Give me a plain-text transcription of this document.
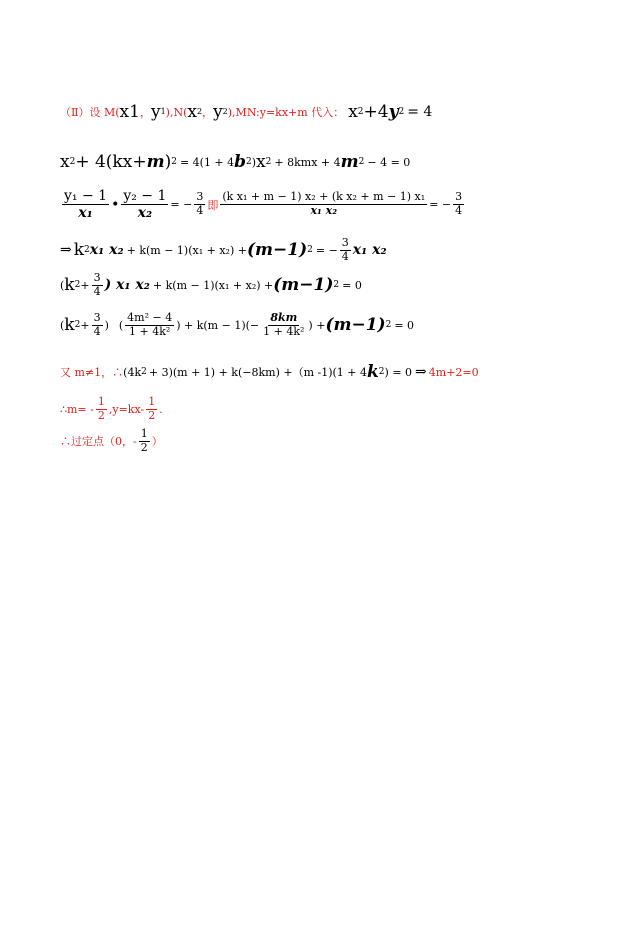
（Ⅱ）设 M( x 1 ， y 1 ),N( x 2 ， y 2 ),MN:y=kx+m 代入： x 2 +4 y 2 = 4
x 2 + 4(kx+ m ) 2 = 4(1 + 4 b 2 ) x 2 + 8kmx + 4 m 2 − 4 = 0
$\frac{\text{y₁ − 1}}{\text{x₁}}$ • $\frac{\text{y₂ − 1}}{\text{x₂}}$ = − $\frac{3}{4}$ 即 $\frac{\text{(k x₁ + m − 1) x₂ + (k x₂ + m − 1) x₁}}{\text{x₁ x₂}}$ = − $\frac{3}{4}$
⇒ k 2 x₁ x₂ + k(m − 1)(x₁ + x₂) + (m−1) 2 = − $\frac{3}{4} x_1$ x₂
( k $2 + \frac{3}{4}$ ) x₁ x₂ + k(m − 1)(x₁ + x₂) + (m−1) 2 = 0
( k $2 + \frac{3}{4}$ ) ( $\frac{\text{4m² − 4}}{\text{1 + 4k²}}$ ) + $k(m - 1)(- \frac{8km}{\text{1 + 4k²}}$ ) + (m−1) 2 = 0
又 m≠1，∴ (4k 2 + 3)(m + 1) + k(−8km) +（m -1)(1 + 4 k 2 ) = 0 ⇒ 4m+2=0
∴m= - $\frac{1}{2} ,y=kx- \frac{1}{2}$ .
∴过定点（0，- $\frac{1}{2}$ ）
